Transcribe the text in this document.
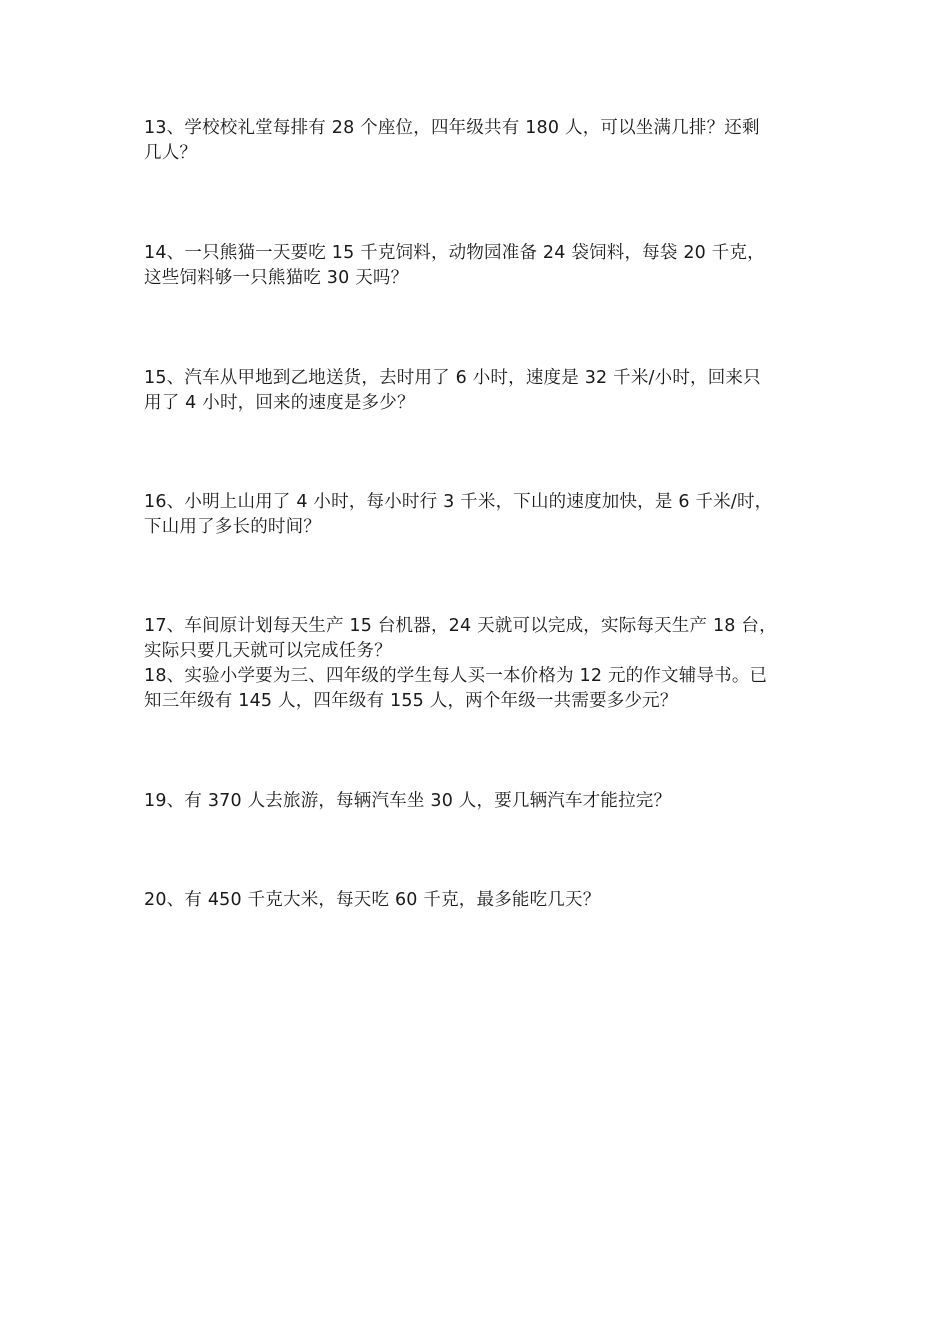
13、学校校礼堂每排有 28 个座位，四年级共有 180 人，可以坐满几排？还剩
几人？

14、一只熊猫一天要吃 15 千克饲料，动物园准备 24 袋饲料，每袋 20 千克，
这些饲料够一只熊猫吃 30 天吗？

15、汽车从甲地到乙地送货，去时用了 6 小时，速度是 32 千米/小时，回来只
用了 4 小时，回来的速度是多少？

16、小明上山用了 4 小时，每小时行 3 千米，下山的速度加快，是 6 千米/时，
下山用了多长的时间？

17、车间原计划每天生产 15 台机器，24 天就可以完成，实际每天生产 18 台，
实际只要几天就可以完成任务？

18、实验小学要为三、四年级的学生每人买一本价格为 12 元的作文辅导书。已
知三年级有 145 人，四年级有 155 人，两个年级一共需要多少元？

19、有 370 人去旅游，每辆汽车坐 30 人，要几辆汽车才能拉完？

20、有 450 千克大米，每天吃 60 千克，最多能吃几天？
